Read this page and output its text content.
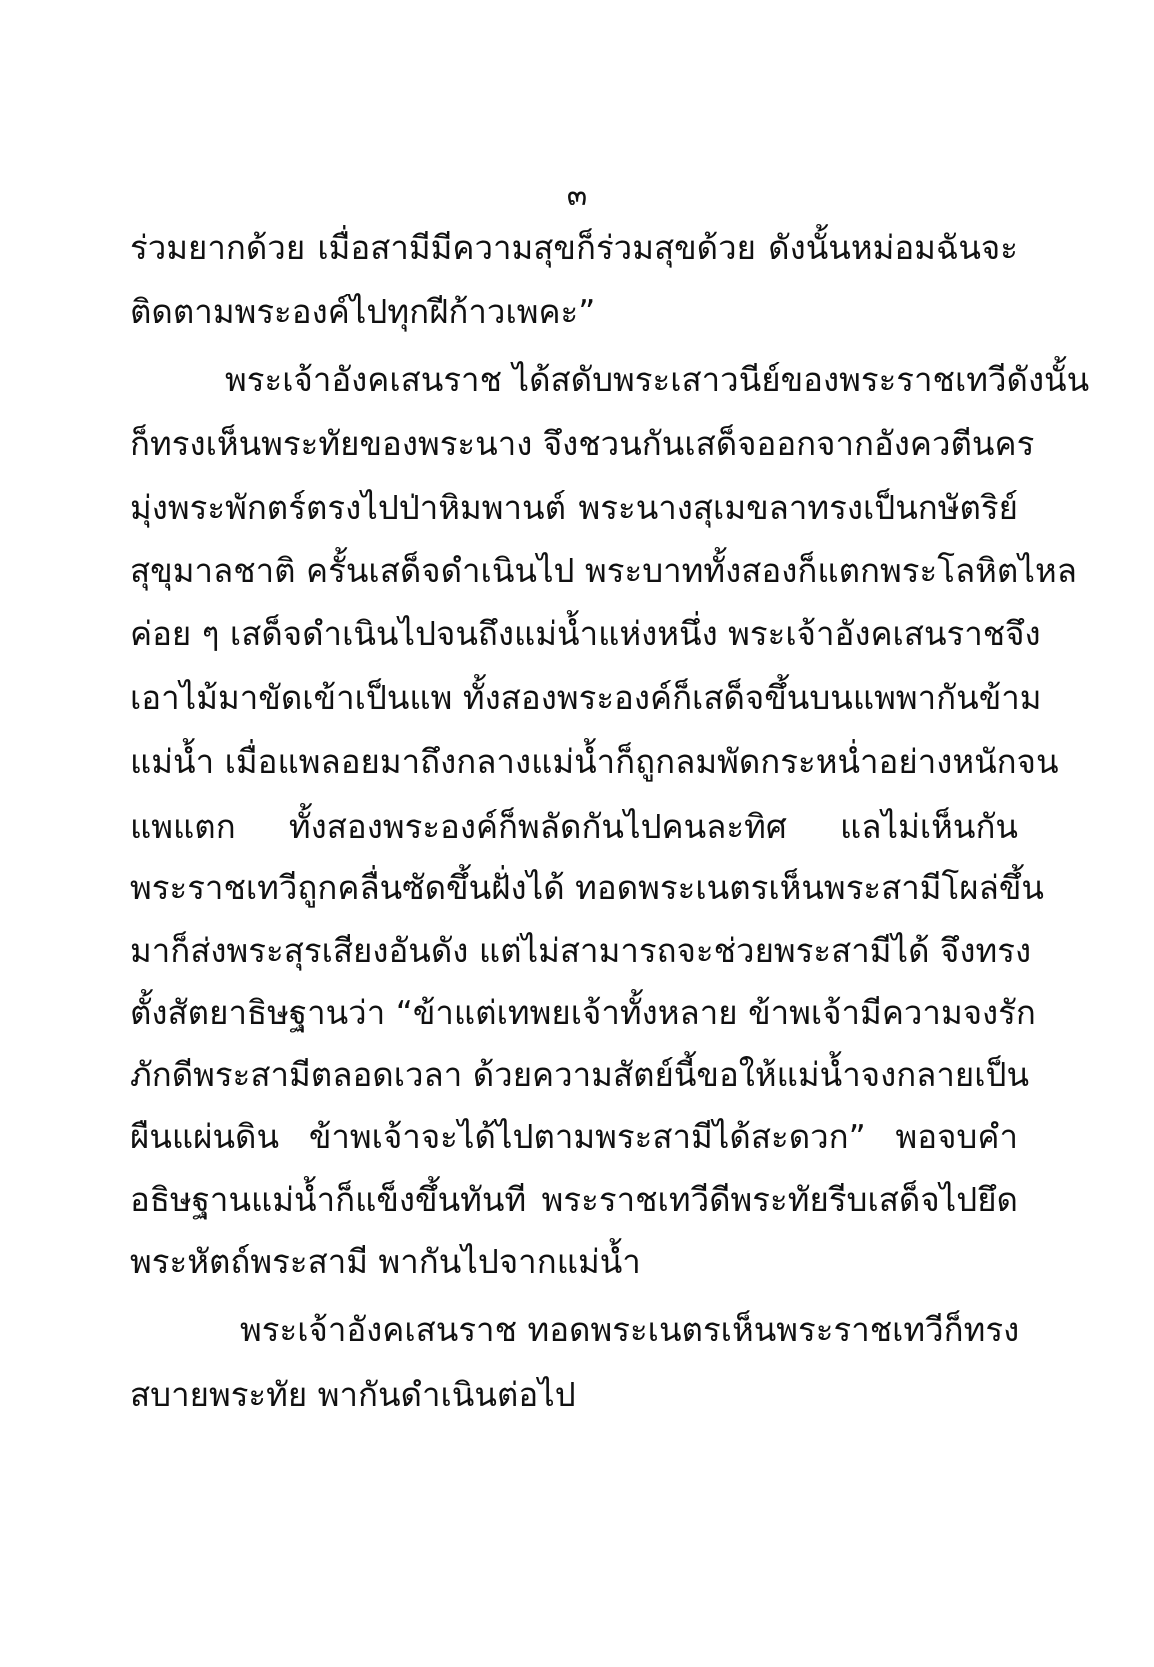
๓
ร่วมยากด้วย เมื่อสามีมีความสุขก็ร่วมสุขด้วย ดังนั้นหม่อมฉันจะ
ติดตามพระองค์ไปทุกฝีก้าวเพคะ”
พระเจ้าอังคเสนราช ได้สดับพระเสาวนีย์ของพระราชเทวีดังนั้น
ก็ทรงเห็นพระทัยของพระนาง จึงชวนกันเสด็จออกจากอังควตีนคร
มุ่งพระพักตร์ตรงไปป่าหิมพานต์ พระนางสุเมขลาทรงเป็นกษัตริย์
สุขุมาลชาติ ครั้นเสด็จดำเนินไป พระบาททั้งสองก็แตกพระโลหิตไหล
ค่อย ๆ เสด็จดำเนินไปจนถึงแม่น้ำแห่งหนึ่ง พระเจ้าอังคเสนราชจึง
เอาไม้มาขัดเข้าเป็นแพ ทั้งสองพระองค์ก็เสด็จขึ้นบนแพพากันข้าม
แม่น้ำ เมื่อแพลอยมาถึงกลางแม่น้ำก็ถูกลมพัดกระหน่ำอย่างหนักจน
แพแตก ทั้งสองพระองค์ก็พลัดกันไปคนละทิศ แลไม่เห็นกัน
พระราชเทวีถูกคลื่นซัดขึ้นฝั่งได้ ทอดพระเนตรเห็นพระสามีโผล่ขึ้น
มาก็ส่งพระสุรเสียงอันดัง แต่ไม่สามารถจะช่วยพระสามีได้ จึงทรง
ตั้งสัตยาธิษฐานว่า “ข้าแต่เทพยเจ้าทั้งหลาย ข้าพเจ้ามีความจงรัก
ภักดีพระสามีตลอดเวลา ด้วยความสัตย์นี้ขอให้แม่น้ำจงกลายเป็น
ผืนแผ่นดิน ข้าพเจ้าจะได้ไปตามพระสามีได้สะดวก” พอจบคำ
อธิษฐานแม่น้ำก็แข็งขึ้นทันที พระราชเทวีดีพระทัยรีบเสด็จไปยึด
พระหัตถ์พระสามี พากันไปจากแม่น้ำ
พระเจ้าอังคเสนราช ทอดพระเนตรเห็นพระราชเทวีก็ทรง
สบายพระทัย พากันดำเนินต่อไป
